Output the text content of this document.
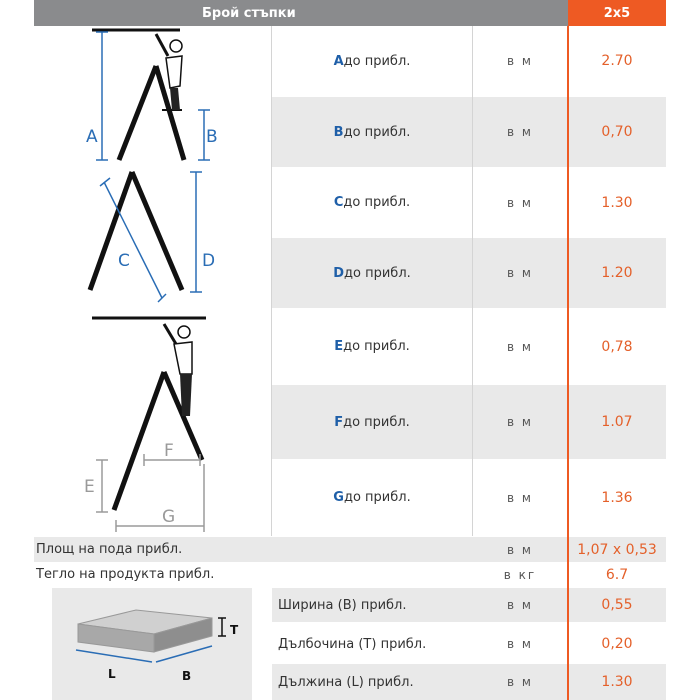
Брой стъпки	2x5
A	B
C	D
F
E
G
A до прибл.	в м	2.70
B до прибл.	в м	0,70
C до прибл.	в м	1.30
D до прибл.	в м	1.20
E до прибл.	в м	0,78
F до прибл.	в м	1.07
G до прибл.	в м	1.36
Площ на пода прибл.	в м	1,07 x 0,53
Тегло на продукта прибл.	в кг	6.7
T
L	B
Ширина (B) прибл.	в м	0,55
Дълбочина (T) прибл.	в м	0,20
Дължина (L) прибл.	в м	1.30
